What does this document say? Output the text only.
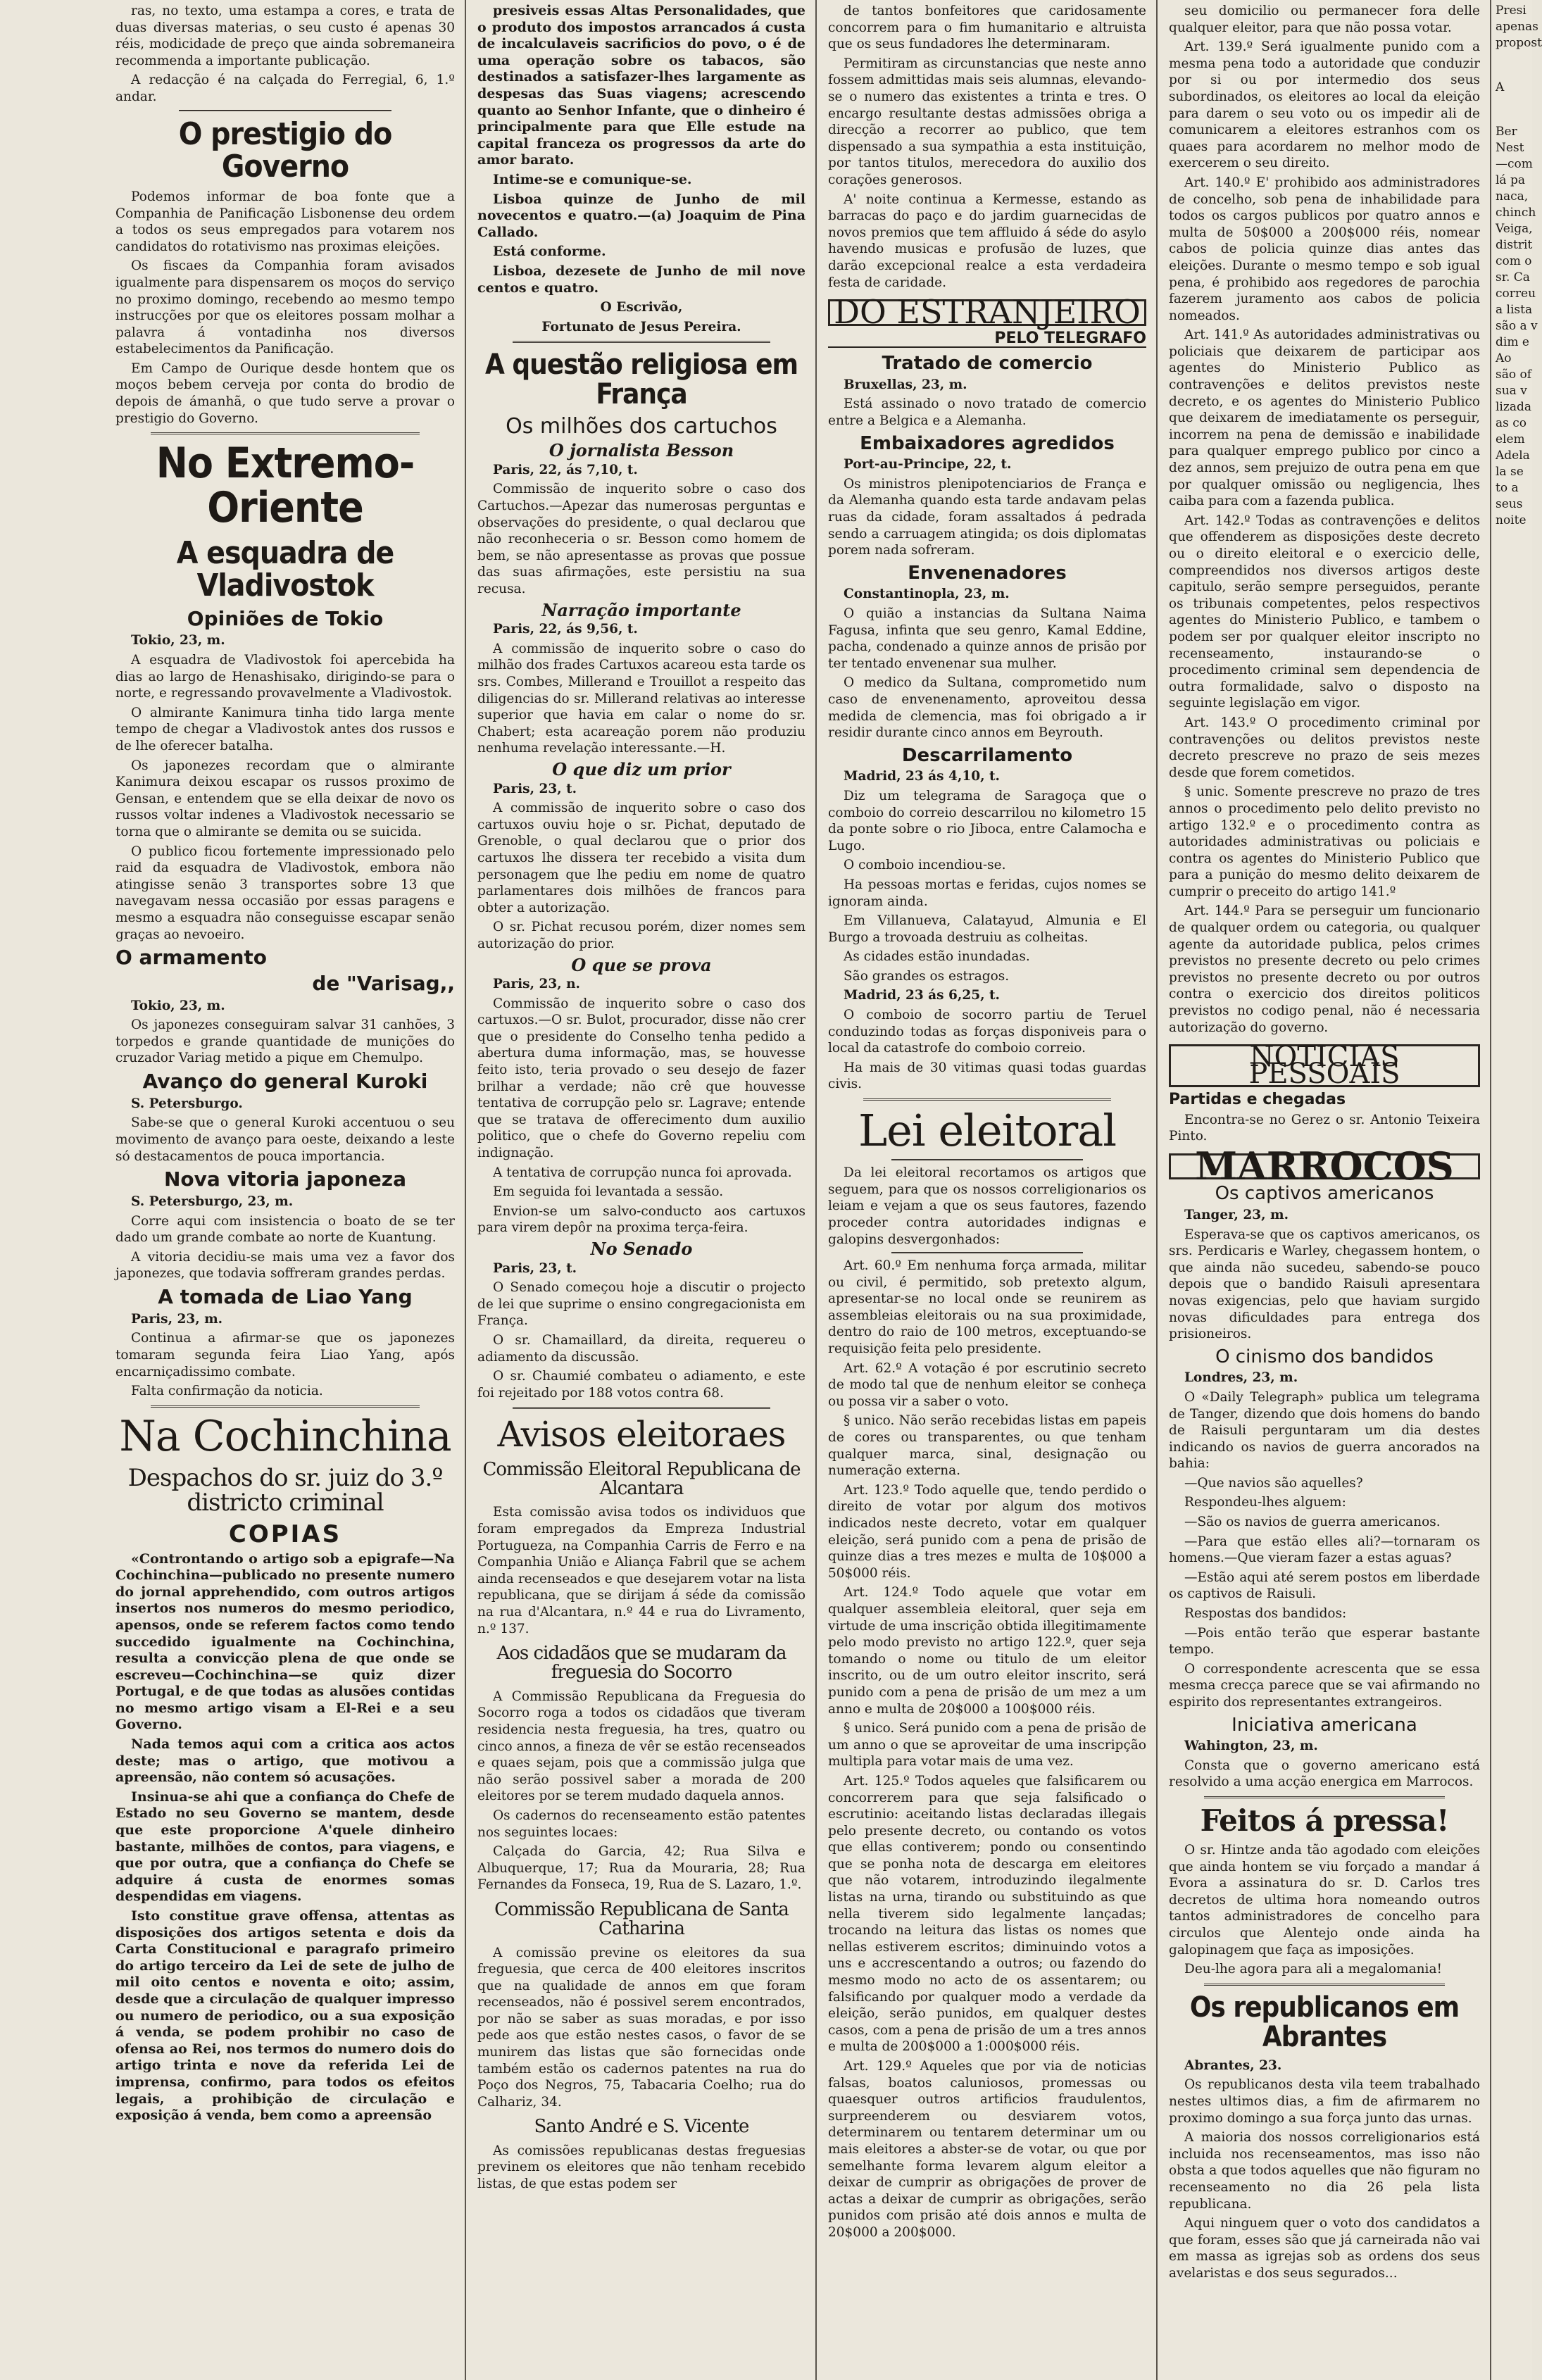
ras, no texto, uma estampa a cores, e trata de duas diversas materias, o seu custo é apenas 30 réis, modicidade de preço que ainda sobremaneira recommenda a importante publicação.

A redacção é na calçada do Ferregial, 6, 1.º andar.

O prestigio do Governo

Podemos informar de boa fonte que a Companhia de Panificação Lisbonense deu ordem a todos os seus empregados para votarem nos candidatos do rotativismo nas proximas eleições.

Os fiscaes da Companhia foram avisados igualmente para dispensarem os moços do serviço no proximo domingo, recebendo ao mesmo tempo instrucções por que os eleitores possam molhar a palavra á vontadinha nos diversos estabelecimentos da Panificação.

Em Campo de Ourique desde hontem que os moços bebem cerveja por conta do brodio de depois de ámanhã, o que tudo serve a provar o prestigio do Governo.

No Extremo-Oriente
A esquadra de Vladivostok
Opiniões de Tokio

Tokio, 23, m.

A esquadra de Vladivostok foi apercebida ha dias ao largo de Henashisako, dirigindo-se para o norte, e regressando provavelmente a Vladivostok.

O almirante Kanimura tinha tido larga mente tempo de chegar a Vladivostok antes dos russos e de lhe oferecer batalha.

Os japonezes recordam que o almirante Kanimura deixou escapar os russos proximo de Gensan, e entendem que se ella deixar de novo os russos voltar indenes a Vladivostok necessario se torna que o almirante se demita ou se suicida.

O publico ficou fortemente impressionado pelo raid da esquadra de Vladivostok, embora não atingisse senão 3 transportes sobre 13 que navegavam nessa occasião por essas paragens e mesmo a esquadra não conseguisse escapar senão graças ao nevoeiro.

O armamento
de "Varisag,,

Tokio, 23, m.

Os japonezes conseguiram salvar 31 canhões, 3 torpedos e grande quantidade de munições do cruzador Variag metido a pique em Chemulpo.

Avanço do general Kuroki

S. Petersburgo.

Sabe-se que o general Kuroki accentuou o seu movimento de avanço para oeste, deixando a leste só destacamentos de pouca importancia.

Nova vitoria japoneza

S. Petersburgo, 23, m.

Corre aqui com insistencia o boato de se ter dado um grande combate ao norte de Kuantung.

A vitoria decidiu-se mais uma vez a favor dos japonezes, que todavia soffreram grandes perdas.

A tomada de Liao Yang

Paris, 23, m.

Continua a afirmar-se que os japonezes tomaram segunda feira Liao Yang, após encarniçadissimo combate.

Falta confirmação da noticia.

Na Cochinchina
Despachos do sr. juiz do 3.º districto criminal
COPIAS

«Controntando o artigo sob a epigrafe—Na Cochinchina—publicado no presente numero do jornal apprehendido, com outros artigos insertos nos numeros do mesmo periodico, apensos, onde se referem factos como tendo succedido igualmente na Cochinchina, resulta a convicção plena de que onde se escreveu—Cochinchina—se quiz dizer Portugal, e de que todas as alusões contidas no mesmo artigo visam a El-Rei e a seu Governo.

Nada temos aqui com a critica aos actos deste; mas o artigo, que motivou a apreensão, não contem só acusações.

Insinua-se ahi que a confiança do Chefe de Estado no seu Governo se mantem, desde que este proporcione A'quele dinheiro bastante, milhões de contos, para viagens, e que por outra, que a confiança do Chefe se adquire á custa de enormes somas despendidas em viagens.

Isto constitue grave offensa, attentas as disposições dos artigos setenta e dois da Carta Constitucional e paragrafo primeiro do artigo terceiro da Lei de sete de julho de mil oito centos e noventa e oito; assim, desde que a circulação de qualquer impresso ou numero de periodico, ou a sua exposição á venda, se podem prohibir no caso de ofensa ao Rei, nos termos do numero dois do artigo trinta e nove da referida Lei de imprensa, confirmo, para todos os efeitos legais, a prohibição de circulação e exposição á venda, bem como a apreensão

presiveis essas Altas Personalidades, que o produto dos impostos arrancados á custa de incalculaveis sacrificios do povo, o é de uma operação sobre os tabacos, são destinados a satisfazer-lhes largamente as despesas das Suas viagens; acrescendo quanto ao Senhor Infante, que o dinheiro é principalmente para que Elle estude na capital franceza os progressos da arte do amor barato.

Intime-se e comunique-se.

Lisboa quinze de Junho de mil novecentos e quatro.—(a) Joaquim de Pina Callado.

Está conforme.

Lisboa, dezesete de Junho de mil nove centos e quatro.

O Escrivão,

Fortunato de Jesus Pereira.

A questão religiosa em França
Os milhões dos cartuchos
O jornalista Besson

Paris, 22, ás 7,10, t.

Commissão de inquerito sobre o caso dos Cartuchos.—Apezar das numerosas perguntas e observações do presidente, o qual declarou que não reconheceria o sr. Besson como homem de bem, se não apresentasse as provas que possue das suas afirmações, este persistiu na sua recusa.

Narração importante

Paris, 22, ás 9,56, t.

A commissão de inquerito sobre o caso do milhão dos frades Cartuxos acareou esta tarde os srs. Combes, Millerand e Trouillot a respeito das diligencias do sr. Millerand relativas ao interesse superior que havia em calar o nome do sr. Chabert; esta acareação porem não produziu nenhuma revelação interessante.—H.

O que diz um prior

Paris, 23, t.

A commissão de inquerito sobre o caso dos cartuxos ouviu hoje o sr. Pichat, deputado de Grenoble, o qual declarou que o prior dos cartuxos lhe dissera ter recebido a visita dum personagem que lhe pediu em nome de quatro parlamentares dois milhões de francos para obter a autorização.

O sr. Pichat recusou porém, dizer nomes sem autorização do prior.

O que se prova

Paris, 23, n.

Commissão de inquerito sobre o caso dos cartuxos.—O sr. Bulot, procurador, disse não crer que o presidente do Conselho tenha pedido a abertura duma informação, mas, se houvesse feito isto, teria provado o seu desejo de fazer brilhar a verdade; não crê que houvesse tentativa de corrupção pelo sr. Lagrave; entende que se tratava de offerecimento dum auxilio politico, que o chefe do Governo repeliu com indignação.

A tentativa de corrupção nunca foi aprovada.

Em seguida foi levantada a sessão.

Envion-se um salvo-conducto aos cartuxos para virem depôr na proxima terça-feira.

No Senado

Paris, 23, t.

O Senado começou hoje a discutir o projecto de lei que suprime o ensino congregacionista em França.

O sr. Chamaillard, da direita, requereu o adiamento da discussão.

O sr. Chaumié combateu o adiamento, e este foi rejeitado por 188 votos contra 68.

Avisos eleitoraes
Commissão Eleitoral Republicana de Alcantara

Esta comissão avisa todos os individuos que foram empregados da Empreza Industrial Portugueza, na Companhia Carris de Ferro e na Companhia União e Aliança Fabril que se achem ainda recenseados e que desejarem votar na lista republicana, que se dirijam á séde da comissão na rua d'Alcantara, n.º 44 e rua do Livramento, n.º 137.

Aos cidadãos que se mudaram da freguesia do Socorro

A Commissão Republicana da Freguesia do Socorro roga a todos os cidadãos que tiveram residencia nesta freguesia, ha tres, quatro ou cinco annos, a fineza de vêr se estão recenseados e quaes sejam, pois que a commissão julga que não serão possivel saber a morada de 200 eleitores por se terem mudado daquela annos.

Os cadernos do recenseamento estão patentes nos seguintes locaes:

Calçada do Garcia, 42; Rua Silva e Albuquerque, 17; Rua da Mouraria, 28; Rua Fernandes da Fonseca, 19, Rua de S. Lazaro, 1.º.

Commissão Republicana de Santa Catharina

A comissão previne os eleitores da sua freguesia, que cerca de 400 eleitores inscritos que na qualidade de annos em que foram recenseados, não é possivel serem encontrados, por não se saber as suas moradas, e por isso pede aos que estão nestes casos, o favor de se munirem das listas que são fornecidas onde também estão os cadernos patentes na rua do Poço dos Negros, 75, Tabacaria Coelho; rua do Calhariz, 34.

Santo André e S. Vicente

As comissões republicanas destas freguesias previnem os eleitores que não tenham recebido listas, de que estas podem ser

de tantos bonfeitores que caridosamente concorrem para o fim humanitario e altruista que os seus fundadores lhe determinaram.

Permitiram as circunstancias que neste anno fossem admittidas mais seis alumnas, elevando-se o numero das existentes a trinta e tres. O encargo resultante destas admissões obriga a direcção a recorrer ao publico, que tem dispensado a sua sympathia a esta instituição, por tantos titulos, merecedora do auxilio dos corações generosos.

A' noite continua a Kermesse, estando as barracas do paço e do jardim guarnecidas de novos premios que tem affluido á séde do asylo havendo musicas e profusão de luzes, que darão excepcional realce a esta verdadeira festa de caridade.

DO ESTRANJEIRO
PELO TELEGRAFO
Tratado de comercio

Bruxellas, 23, m.

Está assinado o novo tratado de comercio entre a Belgica e a Alemanha.

Embaixadores agredidos

Port-au-Principe, 22, t.

Os ministros plenipotenciarios de França e da Alemanha quando esta tarde andavam pelas ruas da cidade, foram assaltados á pedrada sendo a carruagem atingida; os dois diplomatas porem nada sofreram.

Envenenadores

Constantinopla, 23, m.

O quião a instancias da Sultana Naima Fagusa, infinta que seu genro, Kamal Eddine, pacha, condenado a quinze annos de prisão por ter tentado envenenar sua mulher.

O medico da Sultana, comprometido num caso de envenenamento, aproveitou dessa medida de clemencia, mas foi obrigado a ir residir durante cinco annos em Beyrouth.

Descarrilamento

Madrid, 23 ás 4,10, t.

Diz um telegrama de Saragoça que o comboio do correio descarrilou no kilometro 15 da ponte sobre o rio Jiboca, entre Calamocha e Lugo.

O comboio incendiou-se.

Ha pessoas mortas e feridas, cujos nomes se ignoram ainda.

Em Villanueva, Calatayud, Almunia e El Burgo a trovoada destruiu as colheitas.

As cidades estão inundadas.

São grandes os estragos.

Madrid, 23 ás 6,25, t.

O comboio de socorro partiu de Teruel conduzindo todas as forças disponiveis para o local da catastrofe do comboio correio.

Ha mais de 30 vitimas quasi todas guardas civis.

Lei eleitoral

Da lei eleitoral recortamos os artigos que seguem, para que os nossos correligionarios os leiam e vejam a que os seus fautores, fazendo proceder contra autoridades indignas e galopins desvergonhados:

Art. 60.º Em nenhuma força armada, militar ou civil, é permitido, sob pretexto algum, apresentar-se no local onde se reunirem as assembleias eleitorais ou na sua proximidade, dentro do raio de 100 metros, exceptuando-se requisição feita pelo presidente.

Art. 62.º A votação é por escrutinio secreto de modo tal que de nenhum eleitor se conheça ou possa vir a saber o voto.

§ unico. Não serão recebidas listas em papeis de cores ou transparentes, ou que tenham qualquer marca, sinal, designação ou numeração externa.

Art. 123.º Todo aquelle que, tendo perdido o direito de votar por algum dos motivos indicados neste decreto, votar em qualquer eleição, será punido com a pena de prisão de quinze dias a tres mezes e multa de 10$000 a 50$000 réis.

Art. 124.º Todo aquele que votar em qualquer assembleia eleitoral, quer seja em virtude de uma inscrição obtida illegitimamente pelo modo previsto no artigo 122.º, quer seja tomando o nome ou titulo de um eleitor inscrito, ou de um outro eleitor inscrito, será punido com a pena de prisão de um mez a um anno e multa de 20$000 a 100$000 réis.

§ unico. Será punido com a pena de prisão de um anno o que se aproveitar de uma inscripção multipla para votar mais de uma vez.

Art. 125.º Todos aqueles que falsificarem ou concorrerem para que seja falsificado o escrutinio: aceitando listas declaradas illegais pelo presente decreto, ou contando os votos que ellas contiverem; pondo ou consentindo que se ponha nota de descarga em eleitores que não votarem, introduzindo ilegalmente listas na urna, tirando ou substituindo as que nella tiverem sido legalmente lançadas; trocando na leitura das listas os nomes que nellas estiverem escritos; diminuindo votos a uns e accrescentando a outros; ou fazendo do mesmo modo no acto de os assentarem; ou falsificando por qualquer modo a verdade da eleição, serão punidos, em qualquer destes casos, com a pena de prisão de um a tres annos e multa de 200$000 a 1:000$000 réis.

Art. 129.º Aqueles que por via de noticias falsas, boatos caluniosos, promessas ou quaesquer outros artificios fraudulentos, surpreenderem ou desviarem votos, determinarem ou tentarem determinar um ou mais eleitores a abster-se de votar, ou que por semelhante forma levarem algum eleitor a deixar de cumprir as obrigações de prover de actas a deixar de cumprir as obrigações, serão punidos com prisão até dois annos e multa de 20$000 a 200$000.

seu domicilio ou permanecer fora delle qualquer eleitor, para que não possa votar.

Art. 139.º Será igualmente punido com a mesma pena todo a autoridade que conduzir por si ou por intermedio dos seus subordinados, os eleitores ao local da eleição para darem o seu voto ou os impedir ali de comunicarem a eleitores estranhos com os quaes para acordarem no melhor modo de exercerem o seu direito.

Art. 140.º E' prohibido aos administradores de concelho, sob pena de inhabilidade para todos os cargos publicos por quatro annos e multa de 50$000 a 200$000 réis, nomear cabos de policia quinze dias antes das eleições. Durante o mesmo tempo e sob igual pena, é prohibido aos regedores de parochia fazerem juramento aos cabos de policia nomeados.

Art. 141.º As autoridades administrativas ou policiais que deixarem de participar aos agentes do Ministerio Publico as contravenções e delitos previstos neste decreto, e os agentes do Ministerio Publico que deixarem de imediatamente os perseguir, incorrem na pena de demissão e inabilidade para qualquer emprego publico por cinco a dez annos, sem prejuizo de outra pena em que por qualquer omissão ou negligencia, lhes caiba para com a fazenda publica.

Art. 142.º Todas as contravenções e delitos que offenderem as disposições deste decreto ou o direito eleitoral e o exercicio delle, compreendidos nos diversos artigos deste capitulo, serão sempre perseguidos, perante os tribunais competentes, pelos respectivos agentes do Ministerio Publico, e tambem o podem ser por qualquer eleitor inscripto no recenseamento, instaurando-se o procedimento criminal sem dependencia de outra formalidade, salvo o disposto na seguinte legislação em vigor.

Art. 143.º O procedimento criminal por contravenções ou delitos previstos neste decreto prescreve no prazo de seis mezes desde que forem cometidos.

§ unic. Somente prescreve no prazo de tres annos o procedimento pelo delito previsto no artigo 132.º e o procedimento contra as autoridades administrativas ou policiais e contra os agentes do Ministerio Publico que para a punição do mesmo delito deixarem de cumprir o preceito do artigo 141.º

Art. 144.º Para se perseguir um funcionario de qualquer ordem ou categoria, ou qualquer agente da autoridade publica, pelos crimes previstos no presente decreto ou pelo crimes previstos no presente decreto ou por outros contra o exercicio dos direitos politicos previstos no codigo penal, não é necessaria autorização do governo.

NOTICIAS PESSOAIS
Partidas e chegadas

Encontra-se no Gerez o sr. Antonio Teixeira Pinto.

MARROCOS
Os captivos americanos

Tanger, 23, m.

Esperava-se que os captivos americanos, os srs. Perdicaris e Warley, chegassem hontem, o que ainda não sucedeu, sabendo-se pouco depois que o bandido Raisuli apresentara novas exigencias, pelo que haviam surgido novas dificuldades para entrega dos prisioneiros.

O cinismo dos bandidos

Londres, 23, m.

O «Daily Telegraph» publica um telegrama de Tanger, dizendo que dois homens do bando de Raisuli perguntaram um dia destes indicando os navios de guerra ancorados na bahia:

—Que navios são aquelles?

Respondeu-lhes alguem:

—São os navios de guerra americanos.

—Para que estão elles ali?—tornaram os homens.—Que vieram fazer a estas aguas?

—Estão aqui até serem postos em liberdade os captivos de Raisuli.

Respostas dos bandidos:

—Pois então terão que esperar bastante tempo.

O correspondente acrescenta que se essa mesma crecça parece que se vai afirmando no espirito dos representantes extrangeiros.

Iniciativa americana

Wahington, 23, m.

Consta que o governo americano está resolvido a uma acção energica em Marrocos.

Feitos á pressa!

O sr. Hintze anda tão agodado com eleições que ainda hontem se viu forçado a mandar á Evora a assinatura do sr. D. Carlos tres decretos de ultima hora nomeando outros tantos administradores de concelho para circulos que Alentejo onde ainda ha galopinagem que faça as imposições.

Deu-lhe agora para ali a megalomania!

Os republicanos em Abrantes

Abrantes, 23.

Os republicanos desta vila teem trabalhado nestes ultimos dias, a fim de afirmarem no proximo domingo a sua força junto das urnas.

A maioria dos nossos correligionarios está incluida nos recenseamentos, mas isso não obsta a que todos aquelles que não figuram no recenseamento no dia 26 pela lista republicana.

Aqui ninguem quer o voto dos candidatos a que foram, esses são que já carneirada não vai em massa as igrejas sob as ordens dos seus avelaristas e dos seus segurados...

Presi
apenas
propost
A
Ber
Nest
—com
lá pa
naca,
chinch
Veiga,
distrit
com o
sr. Ca
correu
a lista
são a v
dim e
Ao
são of
sua v
lizada
as co
elem
Adela
la se
to a
seus
noite
